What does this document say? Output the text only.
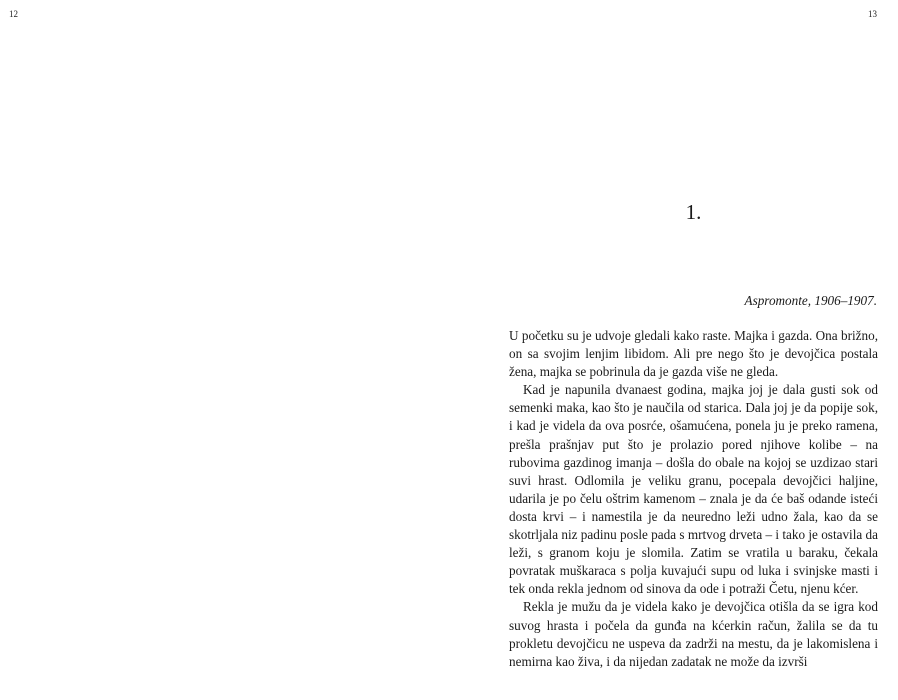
12	13
1.
Aspromonte, 1906–1907.

U početku su je udvoje gledali kako raste. Majka i gazda. Ona brižno, on sa svojim lenjim libidom. Ali pre nego što je devojčica postala žena, majka se pobrinula da je gazda više ne gleda.

Kad je napunila dvanaest godina, majka joj je dala gusti sok od semenki maka, kao što je naučila od starica. Dala joj je da popije sok, i kad je videla da ova posrće, ošamućena, ponela ju je preko ramena, prešla prašnjav put što je prolazio pored njihove kolibe – na rubovima gazdinog imanja – došla do obale na kojoj se uzdizao stari suvi hrast. Odlomila je veliku granu, pocepala devojčici haljine, udarila je po čelu oštrim kamenom – znala je da će baš odande isteći dosta krvi – i namestila je da neuredno leži udno žala, kao da se skotrljala niz padinu posle pada s mrtvog drveta – i tako je ostavila da leži, s granom koju je slomila. Zatim se vratila u baraku, čekala povratak muškaraca s polja kuvajući supu od luka i svinjske masti i tek onda rekla jednom od sinova da ode i potraži Četu, njenu kćer.

Rekla je mužu da je videla kako je devojčica otišla da se igra kod suvog hrasta i počela da gunđa na kćerkin račun, žalila se da tu prokletu devojčicu ne uspeva da zadrži na mestu, da je lakomislena i nemirna kao živa, i da nijedan zadatak ne može da izvrši
